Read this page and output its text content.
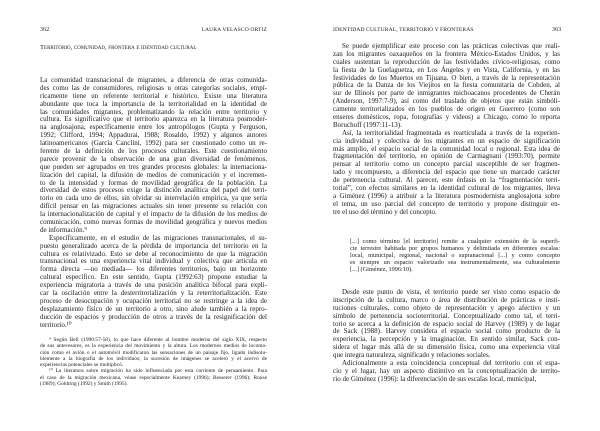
362	LAURA VELASCO ORTIZ
Territorio, comunidad, frontera e identidad cultural
La comunidad transnacional de migrantes, a diferencia de otras comunida-
des como las de consumidores, religiosas u otras categorías sociales, empí-
ricamente tiene un referente territorial e histórico. Existe una literatura
abundante que toca la importancia de la territorialidad en la identidad de
las comunidades migrantes, problematizando la relación entre territorio y
cultura. Es significativo que el territorio aparezca en la literatura posmoder-
na anglosajona, específicamente entre los antropólogos (Gupta y Ferguson,
1992; Clifford, 1994; Appadurai, 1988; Rosaldo, 1992) y algunos autores
latinoamericanos (García Canclini, 1992) para ser cuestionado como un re-
ferente de la definición de los procesos culturales. Este cuestionamiento
parece provenir de la observación de una gran diversidad de fenómenos,
que pueden ser agrupados en tres grandes procesos globales: la internaciona-
lización del capital, la difusión de medios de comunicación y el incremen-
to de la intensidad y formas de movilidad geográfica de la población. La
diversidad de estos procesos exige la distinción analítica del papel del terri-
torio en cada uno de ellos, sin olvidar su interrelación empírica, ya que sería
difícil pensar en las migraciones actuales sin tener presente su relación con
la internacionalización de capital y el impacto de la difusión de los medios de
comunicación, como nuevas formas de movilidad geográfica y nuevos medios
de información.⁹
Específicamente, en el estudio de las migraciones transnacionales, el su-
puesto generalizado acerca de la pérdida de importancia del territorio en la
cultura es relativizado. Esto se debe al reconocimiento de que la migración
transnacional es una experiencia vital individual y colectiva que articula en
forma directa —no mediada— los diferentes territorios, bajo un horizonte
cultural específico. En este sentido, Gupta (1992:63) propone estudiar la
experiencia migratoria a través de una posición analítica bifocal para expli-
car la oscilación entre la desterritorialización y la reterritorialización. Este
proceso de desocupación y ocupación territorial no se restringe a la idea de
desplazamiento físico de un territorio a otro, sino alude también a la repro-
ducción de espacios y producción de otros a través de la resignificación del
territorio.¹⁰
⁹ Según Bell (1990:57-58), lo que hace diferente al hombre moderno del siglo XIX, respecto
de sus antecesores, es la experiencia del movimiento y la altura. Los modernos medios de locomo-
ción como el avión o el automóvil modificaron las sensaciones de un paisaje fijo, ligado indisolu-
blemente a la biografía de los individuos; la sucesión de imágenes se aceleró y el acervo de
experiencias potenciales se multiplicó.
¹⁰ La literatura sobre migración ha sido influenciada por esta corriente de pensamiento. Para
el caso de la migración mexicana, véase especialmente Kearney (1996); Besserer (1996); Rouse
(1989); Goldring (1992) y Smith (1995).
IDENTIDAD CULTURAL, TERRITORIO Y FRONTERAS	363
Se puede ejemplificar este proceso con las prácticas colectivas que reali-
zan los migrantes oaxaqueños en la frontera México-Estados Unidos, y las
cuales sustentan la reproducción de las festividades cívico-religiosas, como
la fiesta de la Guelaguetza, en Los Ángeles y en Vista, California, y en las
festividades de los Muertos en Tijuana. O bien, a través de la representación
pública de la Danza de los Viejitos en la fiesta comunitaria de Cobden, al
sur de Illinois por parte de inmigrantes michoacanos procedentes de Cherán
(Anderson, 1997:7-9), así como del traslado de objetos que están simbóli-
camente territorializados en los pueblos de origen en Guerrero (como son
enseres domésticos, ropa, fotografías y videos) a Chicago, como lo reporta
Boruchoff (1997:11-13).
Así, la territorialidad fragmentada es rearticulada a través de la experien-
cia individual y colectiva de los migrantes en un espacio de significación
más amplio, el espacio social de la comunidad local o regional. Esta idea de
fragmentación del territorio, en opinión de Carmagnani (1993:70), permite
pensar al territorio como un concepto parcial susceptible de ser fragmen-
tado y recompuesto, a diferencia del espacio que tiene un marcado carácter
de pertenencia cultural. Al parecer, este énfasis en la “fragmentación terri-
torial”, con efectos similares en la identidad cultural de los migrantes, lleva
a Giménez (1996) a atribuir a la literatura posmodernista anglosajona sobre
el tema, un uso parcial del concepto de territorio y propone distinguir en-
tre el uso del término y del concepto.
[...] como término [el territorio] remite a cualquier extensión de la superfi-
cie terrestre habitada por grupos humanos y delimitada en diferentes escalas:
local, municipal, regional, nacional o supranacional [...] y como concepto
es siempre un espacio valorizado sea instrumentalmente, sea culturalmente
[...] (Giménez, 1996:10).
Desde este punto de vista, el territorio puede ser visto como espacio de
inscripción de la cultura, marco o área de distribución de prácticas e insti-
tuciones culturales, como objeto de representación y apego afectivo y un
símbolo de pertenencia socioterritorial. Conceptualizado como tal, el terri-
torio se acerca a la definición de espacio social de Harvey (1989) y de lugar
de Sack (1988). Harvey considera el espacio social como producto de la
experiencia, la percepción y la imaginación. En sentido similar, Sack con-
sidera el lugar más allá de su dimensión física, como una experiencia vital
que integra naturaleza, significado y relaciones sociales.
Adicionalmente a esta coincidencia conceptual del territorio con el espa-
cio y el lugar, hay un aspecto distintivo en la conceptualización de territo-
rio de Giménez (1996): la diferenciación de sus escalas local, municipal,
